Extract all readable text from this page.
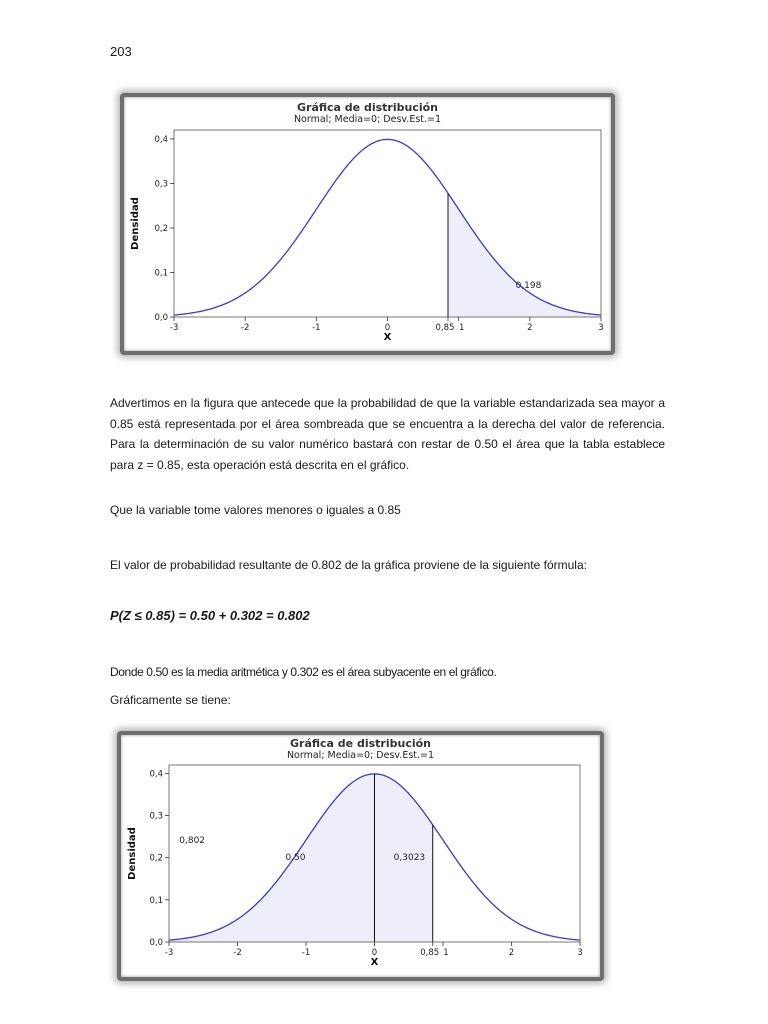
203
Gráfica de distribución
Normal; Media=0; Desv.Est.=1
0,0
0,1
0,2
0,3
0,4
-3	-2	-1	0	0,85 1	2	3
X
Densidad
0,198

Advertimos en la figura que antecede que la probabilidad de que la variable estandarizada sea mayor a 0.85 está representada por el área sombreada que se encuentra a la derecha del valor de referencia. Para la determinación de su valor numérico bastará con restar de 0.50 el área que la tabla establece para z = 0.85, esta operación está descrita en el gráfico.

Que la variable tome valores menores o iguales a 0.85

El valor de probabilidad resultante de 0.802 de la gráfica proviene de la siguiente fórmula:

P(Z ≤ 0.85) = 0.50 + 0.302 = 0.802

Donde 0.50 es la media aritmética y 0.302 es el área subyacente en el gráfico.

Gráficamente se tiene:

Gráfica de distribución
Normal; Media=0; Desv.Est.=1
0,0
0,1
0,2
0,3
0,4
-3	-2	-1	0	0,85 1	2	3
X
Densidad	0,802
0,50	0,3023
